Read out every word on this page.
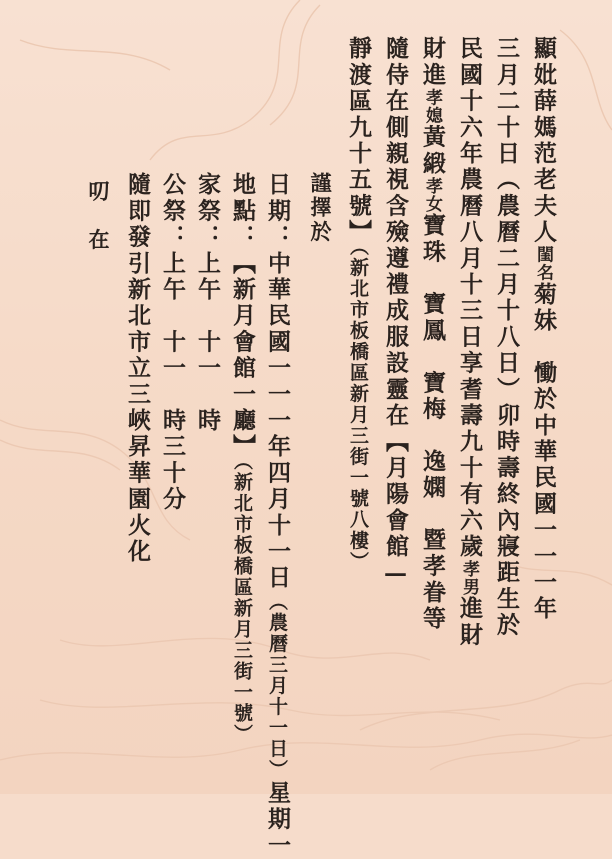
顯妣薛媽范老夫人閨名菊妹　慟於中華民國一一一年
三月二十日（農曆二月十八日）卯時壽終內寢距生於
民國十六年農曆八月十三日享耆壽九十有六歲孝男進財
財進孝媳黃緞孝女寶珠　寶鳳　寶梅　逸嫻　暨孝眷等
隨侍在側親視含殮遵禮成服設靈在【月陽會館—
靜渡區九十五號】（新北市板橋區新月三街一號八樓）
謹擇於
日期：中華民國一一一年四月十一日（農曆三月十一日）星期一
地點：【新月會館一廳】（新北市板橋區新月三街一號）
家祭：上午　十一　時
公祭：上午　十一　時三十分
隨即發引新北市立三峽昇華園火化
叨　在
